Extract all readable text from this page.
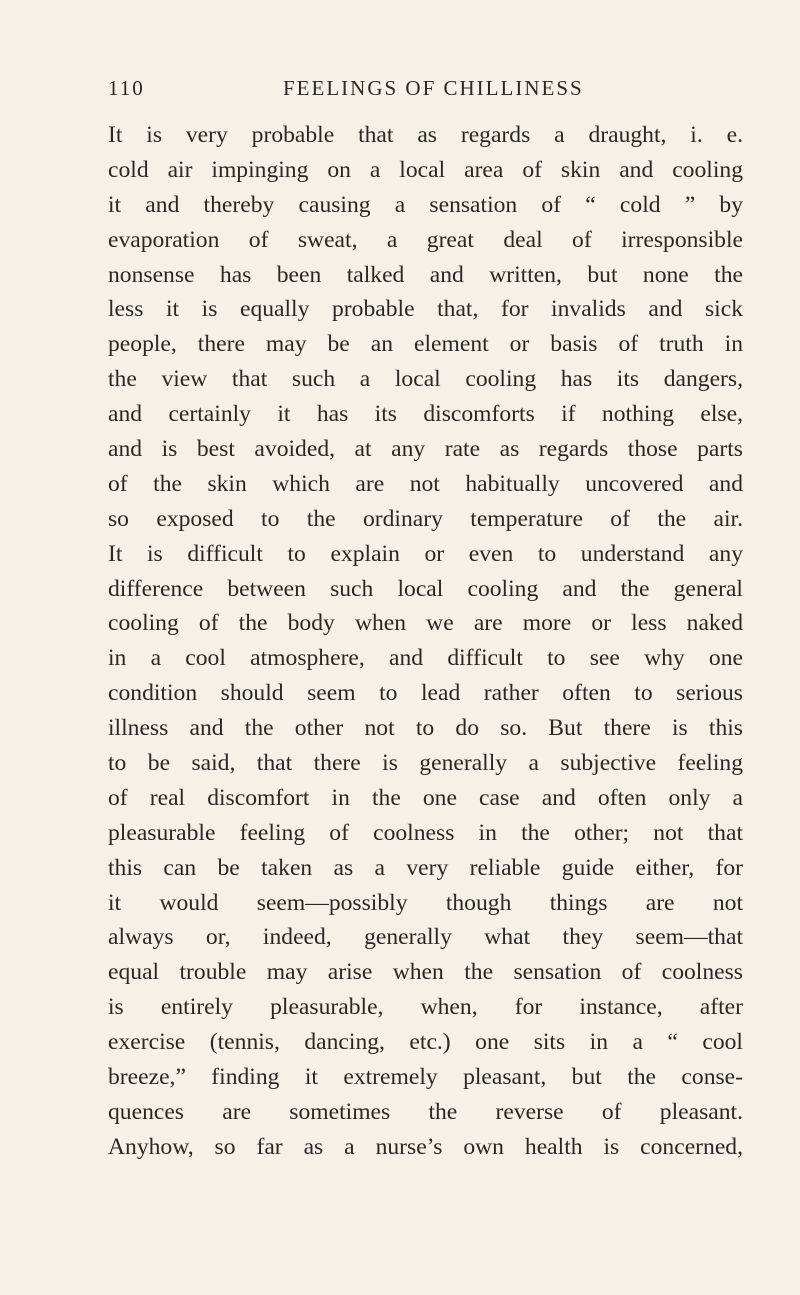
110	FEELINGS OF CHILLINESS
It is very probable that as regards a draught, i. e.
cold air impinging on a local area of skin and cooling
it and thereby causing a sensation of “ cold ” by
evaporation of sweat, a great deal of irresponsible
nonsense has been talked and written, but none the
less it is equally probable that, for invalids and sick
people, there may be an element or basis of truth in
the view that such a local cooling has its dangers,
and certainly it has its discomforts if nothing else,
and is best avoided, at any rate as regards those parts
of the skin which are not habitually uncovered and
so exposed to the ordinary temperature of the air.
It is difficult to explain or even to understand any
difference between such local cooling and the general
cooling of the body when we are more or less naked
in a cool atmosphere, and difficult to see why one
condition should seem to lead rather often to serious
illness and the other not to do so. But there is this
to be said, that there is generally a subjective feeling
of real discomfort in the one case and often only a
pleasurable feeling of coolness in the other; not that
this can be taken as a very reliable guide either, for
it would seem—possibly though things are not
always or, indeed, generally what they seem—that
equal trouble may arise when the sensation of coolness
is entirely pleasurable, when, for instance, after
exercise (tennis, dancing, etc.) one sits in a “ cool
breeze,” finding it extremely pleasant, but the conse-
quences are sometimes the reverse of pleasant.
Anyhow, so far as a nurse’s own health is concerned,
